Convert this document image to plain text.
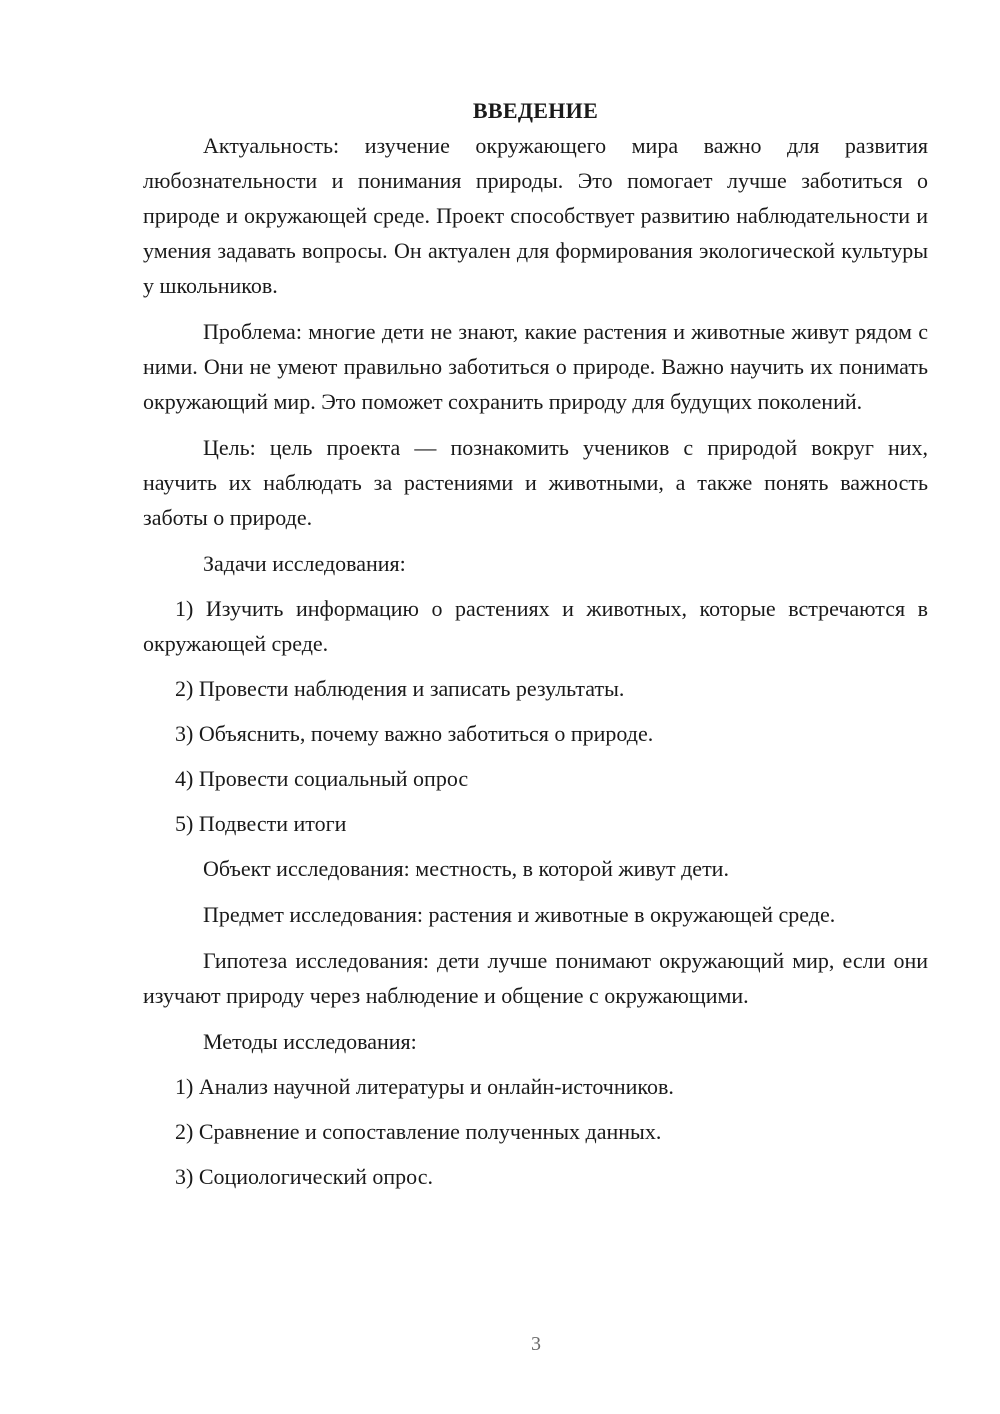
ВВЕДЕНИЕ

Актуальность: изучение окружающего мира важно для развития любознательности и понимания природы. Это помогает лучше заботиться о природе и окружающей среде. Проект способствует развитию наблюдательности и умения задавать вопросы. Он актуален для формирования экологической культуры у школьников.

Проблема: многие дети не знают, какие растения и животные живут рядом с ними. Они не умеют правильно заботиться о природе. Важно научить их понимать окружающий мир. Это поможет сохранить природу для будущих поколений.

Цель: цель проекта — познакомить учеников с природой вокруг них, научить их наблюдать за растениями и животными, а также понять важность заботы о природе.

Задачи исследования:

1) Изучить информацию о растениях и животных, которые встречаются в окружающей среде.

2) Провести наблюдения и записать результаты.

3) Объяснить, почему важно заботиться о природе.

4) Провести социальный опрос

5) Подвести итоги

Объект исследования: местность, в которой живут дети.

Предмет исследования: растения и животные в окружающей среде.

Гипотеза исследования: дети лучше понимают окружающий мир, если они изучают природу через наблюдение и общение с окружающими.

Методы исследования:

1) Анализ научной литературы и онлайн-источников.

2) Сравнение и сопоставление полученных данных.

3) Социологический опрос.

3
